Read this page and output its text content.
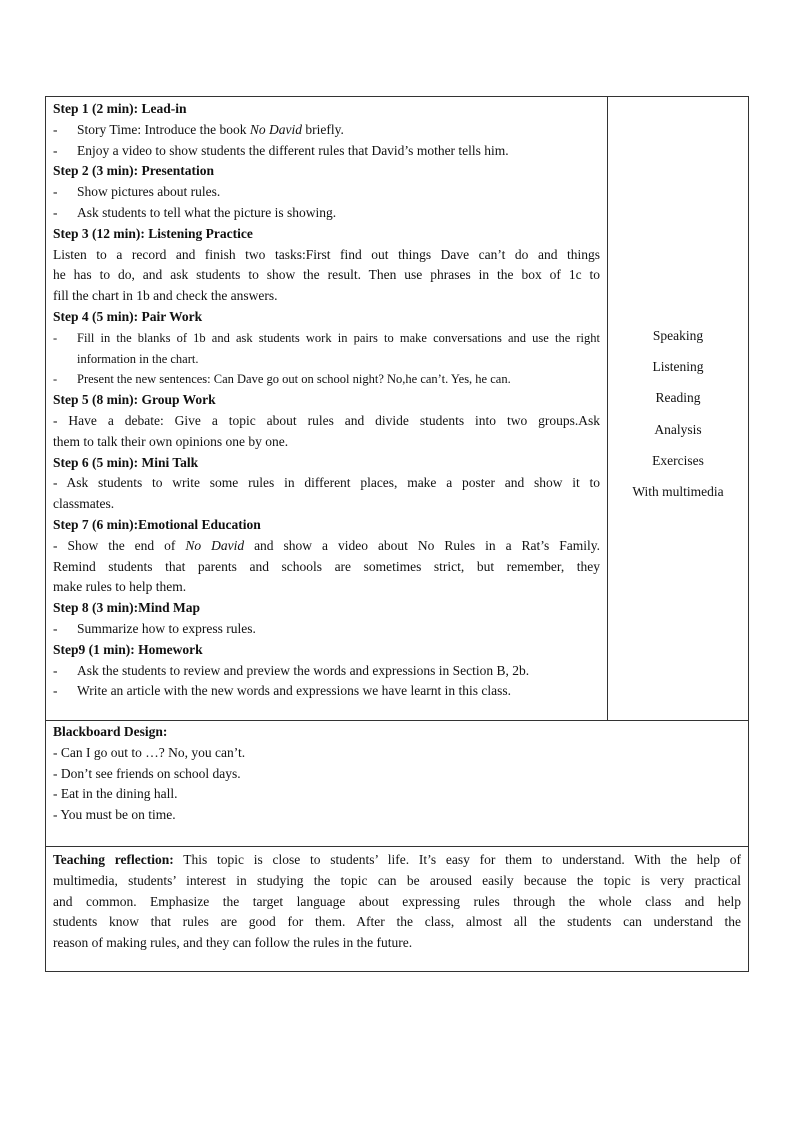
Step 1 (2 min): Lead-in
-	Story Time: Introduce the book No David briefly.
-	Enjoy a video to show students the different rules that David’s mother tells him.
Step 2 (3 min): Presentation
-	Show pictures about rules.
-	Ask students to tell what the picture is showing.
Step 3 (12 min): Listening Practice
Listen to a record and finish two tasks:First find out things Dave can’t do and things
he has to do, and ask students to show the result. Then use phrases in the box of 1c to
fill the chart in 1b and check the answers.
Step 4 (5 min): Pair Work
-	Fill in the blanks of 1b and ask students work in pairs to make conversations and use the right information in the chart.
-	Present the new sentences: Can Dave go out on school night? No,he can’t. Yes, he can.
Step 5 (8 min): Group Work
- Have a debate: Give a topic about rules and divide students into two groups.Ask
them to talk their own opinions one by one.
Step 6 (5 min): Mini Talk
- Ask students to write some rules in different places, make a poster and show it to
classmates.
Step 7 (6 min):Emotional Education
- Show the end of No David and show a video about No Rules in a Rat’s Family.
Remind students that parents and schools are sometimes strict, but remember, they
make rules to help them.
Step 8 (3 min):Mind Map
-	Summarize how to express rules.
Step9 (1 min): Homework
-	Ask the students to review and preview the words and expressions in Section B, 2b.
-	Write an article with the new words and expressions we have learnt in this class.
Speaking
Listening
Reading
Analysis
Exercises
With multimedia
Blackboard Design:
- Can I go out to …? No, you can’t.
- Don’t see friends on school days.
- Eat in the dining hall.
- You must be on time.
Teaching reflection: This topic is close to students’ life. It’s easy for them to understand. With the help of
multimedia, students’ interest in studying the topic can be aroused easily because the topic is very practical
and common. Emphasize the target language about expressing rules through the whole class and help
students know that rules are good for them. After the class, almost all the students can understand the
reason of making rules, and they can follow the rules in the future.
